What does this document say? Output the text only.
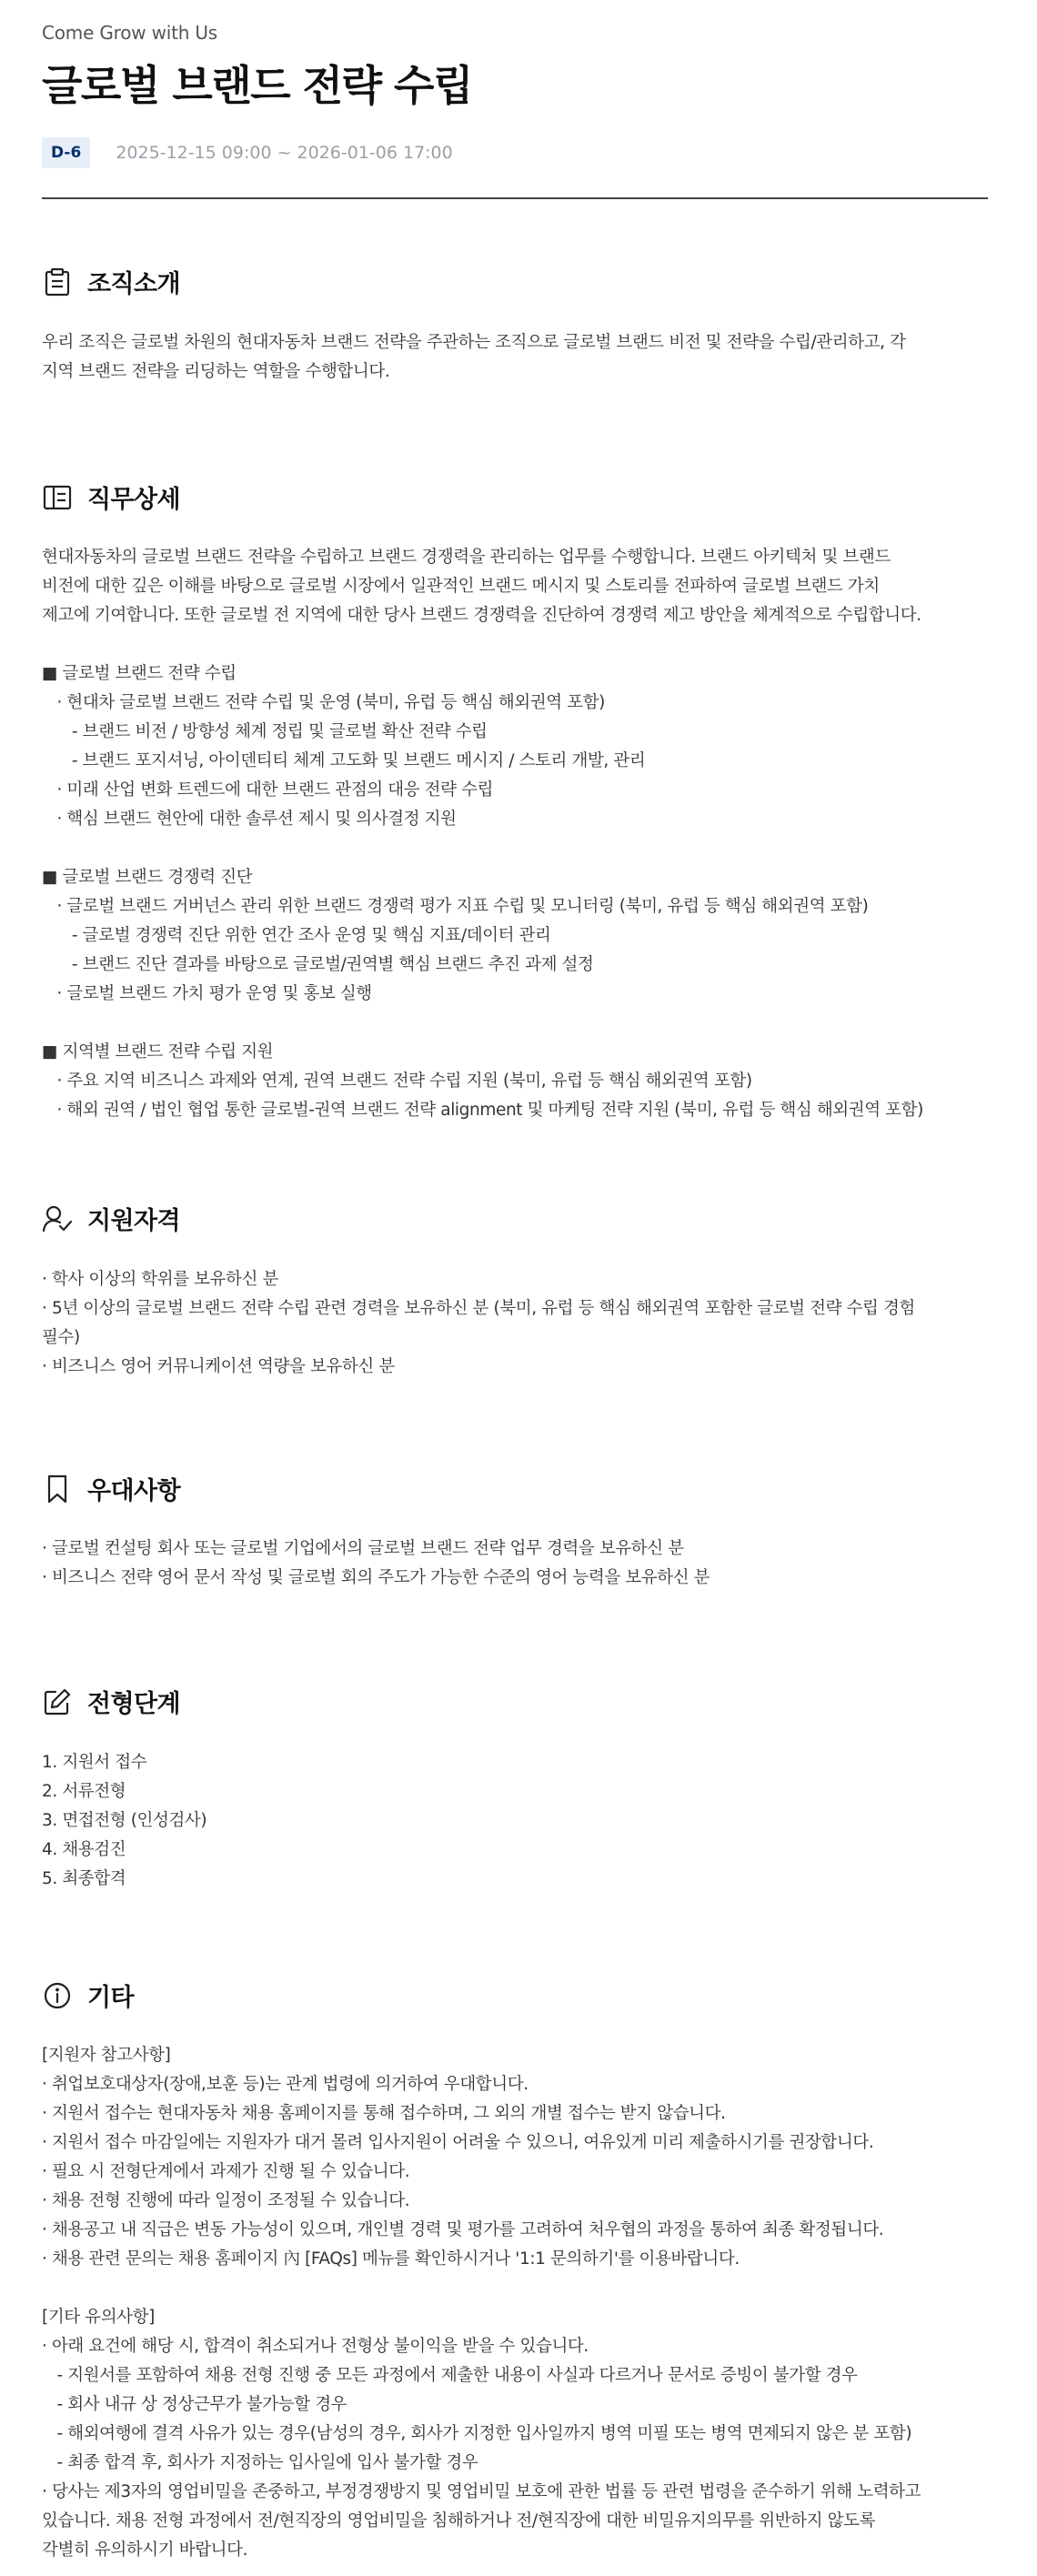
Come Grow with Us
글로벌 브랜드 전략 수립
D-6	2025-12-15 09:00 ~ 2026-01-06 17:00
조직소개
우리 조직은 글로벌 차원의 현대자동차 브랜드 전략을 주관하는 조직으로 글로벌 브랜드 비전 및 전략을 수립/관리하고, 각
지역 브랜드 전략을 리딩하는 역할을 수행합니다.
직무상세
현대자동차의 글로벌 브랜드 전략을 수립하고 브랜드 경쟁력을 관리하는 업무를 수행합니다. 브랜드 아키텍처 및 브랜드
비전에 대한 깊은 이해를 바탕으로 글로벌 시장에서 일관적인 브랜드 메시지 및 스토리를 전파하여 글로벌 브랜드 가치
제고에 기여합니다. 또한 글로벌 전 지역에 대한 당사 브랜드 경쟁력을 진단하여 경쟁력 제고 방안을 체계적으로 수립합니다.
■ 글로벌 브랜드 전략 수립
· 현대차 글로벌 브랜드 전략 수립 및 운영 (북미, 유럽 등 핵심 해외권역 포함)
- 브랜드 비전 / 방향성 체계 정립 및 글로벌 확산 전략 수립
- 브랜드 포지셔닝, 아이덴티티 체계 고도화 및 브랜드 메시지 / 스토리 개발, 관리
· 미래 산업 변화 트렌드에 대한 브랜드 관점의 대응 전략 수립
· 핵심 브랜드 현안에 대한 솔루션 제시 및 의사결정 지원
■ 글로벌 브랜드 경쟁력 진단
· 글로벌 브랜드 거버넌스 관리 위한 브랜드 경쟁력 평가 지표 수립 및 모니터링 (북미, 유럽 등 핵심 해외권역 포함)
- 글로벌 경쟁력 진단 위한 연간 조사 운영 및 핵심 지표/데이터 관리
- 브랜드 진단 결과를 바탕으로 글로벌/권역별 핵심 브랜드 추진 과제 설정
· 글로벌 브랜드 가치 평가 운영 및 홍보 실행
■ 지역별 브랜드 전략 수립 지원
· 주요 지역 비즈니스 과제와 연계, 권역 브랜드 전략 수립 지원 (북미, 유럽 등 핵심 해외권역 포함)
· 해외 권역 / 법인 협업 통한 글로벌-권역 브랜드 전략 alignment 및 마케팅 전략 지원 (북미, 유럽 등 핵심 해외권역 포함)
지원자격
· 학사 이상의 학위를 보유하신 분
· 5년 이상의 글로벌 브랜드 전략 수립 관련 경력을 보유하신 분 (북미, 유럽 등 핵심 해외권역 포함한 글로벌 전략 수립 경험
필수)
· 비즈니스 영어 커뮤니케이션 역량을 보유하신 분
우대사항
· 글로벌 컨설팅 회사 또는 글로벌 기업에서의 글로벌 브랜드 전략 업무 경력을 보유하신 분
· 비즈니스 전략 영어 문서 작성 및 글로벌 회의 주도가 가능한 수준의 영어 능력을 보유하신 분
전형단계
1. 지원서 접수
2. 서류전형
3. 면접전형 (인성검사)
4. 채용검진
5. 최종합격
기타
[지원자 참고사항]
· 취업보호대상자(장애,보훈 등)는 관계 법령에 의거하여 우대합니다.
· 지원서 접수는 현대자동차 채용 홈페이지를 통해 접수하며, 그 외의 개별 접수는 받지 않습니다.
· 지원서 접수 마감일에는 지원자가 대거 몰려 입사지원이 어려울 수 있으니, 여유있게 미리 제출하시기를 권장합니다.
· 필요 시 전형단계에서 과제가 진행 될 수 있습니다.
· 채용 전형 진행에 따라 일정이 조정될 수 있습니다.
· 채용공고 내 직급은 변동 가능성이 있으며, 개인별 경력 및 평가를 고려하여 처우협의 과정을 통하여 최종 확정됩니다.
· 채용 관련 문의는 채용 홈페이지 內 [FAQs] 메뉴를 확인하시거나 '1:1 문의하기'를 이용바랍니다.
[기타 유의사항]
· 아래 요건에 해당 시, 합격이 취소되거나 전형상 불이익을 받을 수 있습니다.
- 지원서를 포함하여 채용 전형 진행 중 모든 과정에서 제출한 내용이 사실과 다르거나 문서로 증빙이 불가할 경우
- 회사 내규 상 정상근무가 불가능할 경우
- 해외여행에 결격 사유가 있는 경우(남성의 경우, 회사가 지정한 입사일까지 병역 미필 또는 병역 면제되지 않은 분 포함)
- 최종 합격 후, 회사가 지정하는 입사일에 입사 불가할 경우
· 당사는 제3자의 영업비밀을 존중하고, 부정경쟁방지 및 영업비밀 보호에 관한 법률 등 관련 법령을 준수하기 위해 노력하고
있습니다. 채용 전형 과정에서 전/현직장의 영업비밀을 침해하거나 전/현직장에 대한 비밀유지의무를 위반하지 않도록
각별히 유의하시기 바랍니다.
